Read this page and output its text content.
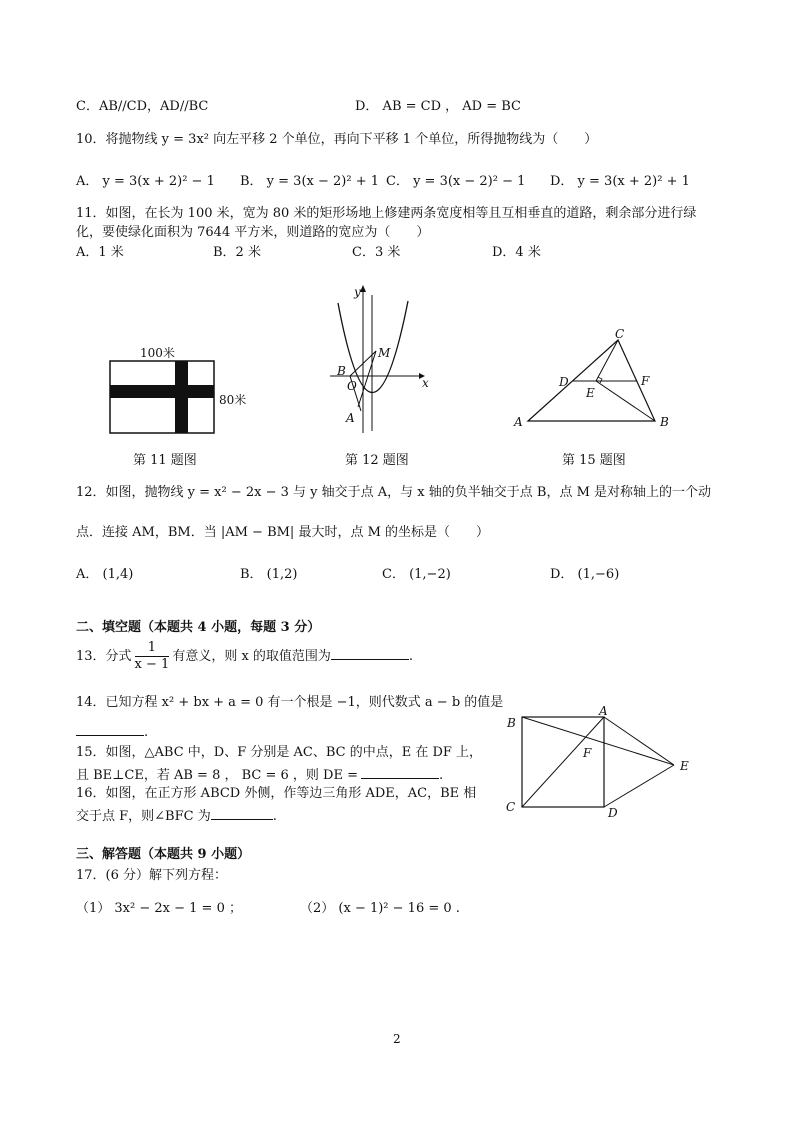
C．AB//CD，AD//BC	D． AB = CD ， AD = BC
10．将抛物线 y = 3x² 向左平移 2 个单位，再向下平移 1 个单位，所得抛物线为（　　）
A． y = 3(x + 2)² − 1 B． y = 3(x − 2)² + 1 C． y = 3(x − 2)² − 1 D． y = 3(x + 2)² + 1
11．如图，在长为 100 米，宽为 80 米的矩形场地上修建两条宽度相等且互相垂直的道路，剩余部分进行绿
化，要使绿化面积为 7644 平方米，则道路的宽应为（　　）
A．1 米	B．2 米	C．3 米	D．4 米
100米
80米
第 11 题图
y
x
M
B
O
A
第 12 题图
C
D	F
E
A	B
第 15 题图
12．如图，抛物线 y = x² − 2x − 3 与 y 轴交于点 A，与 x 轴的负半轴交于点 B，点 M 是对称轴上的一个动
点．连接 AM，BM．当 |AM − BM| 最大时，点 M 的坐标是（　　）
A． (1,4)	B． (1,2)	C． (1,−2)	D． (1,−6)
二、填空题（本题共 4 小题，每题 3 分）
13．分式 $\frac{1}{x - 1}$ 有意义，则 x 的取值范围为	.
14．已知方程 x² + bx + a = 0 有一个根是 −1，则代数式 a − b 的值是
.
15．如图，△ABC 中，D、F 分别是 AC、BC 的中点，E 在 DF 上，
且 BE⊥CE，若 AB = 8 ， BC = 6 ，则 DE =	.
16．如图，在正方形 ABCD 外侧，作等边三角形 ADE，AC，BE 相
交于点 F，则∠BFC 为	.
B
A
F
E
C	D
三、解答题（本题共 9 小题）
17．(6 分）解下列方程：
（1） 3x² − 2x − 1 = 0 ；	（2） (x − 1)² − 16 = 0 .
2
